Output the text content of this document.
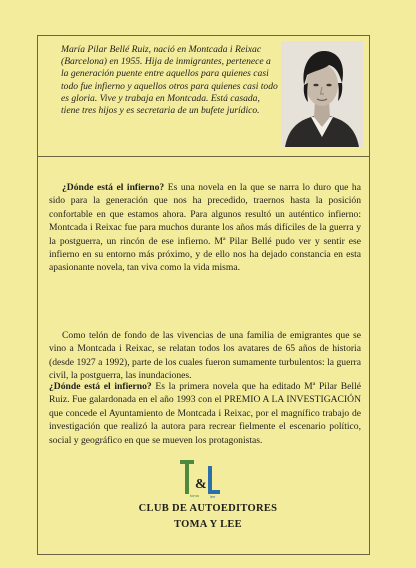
María Pilar Bellé Ruiz, nació en Montcada i Reixac (Barcelona) en 1955. Hija de inmigrantes, pertenece a la generación puente entre aquellos para quienes casi todo fue infierno y aquellos otros para quienes casi todo es gloria. Vive y trabaja en Montcada. Está casada, tiene tres hijos y es secretaria de un bufete jurídico.

¿Dónde está el infierno? Es una novela en la que se narra lo duro que ha sido para la generación que nos ha precedido, traernos hasta la posición confortable en que estamos ahora. Para algunos resultó un auténtico infierno: Montcada i Reixac fue para muchos durante los años más difíciles de la guerra y la postguerra, un rincón de ese infierno. Mª Pilar Bellé pudo ver y sentir ese infierno en su entorno más próximo, y de ello nos ha dejado constancia en esta apasionante novela, tan viva como la vida misma.

Como telón de fondo de las vivencias de una familia de emigrantes que se vino a Montcada i Reixac, se relatan todos los avatares de 65 años de historia (desde 1927 a 1992), parte de los cuales fueron sumamente turbulentos: la guerra civil, la postguerra, las inundaciones.

¿Dónde está el infierno? Es la primera novela que ha editado Mª Pilar Bellé Ruiz. Fue galardonada en el año 1993 con el PREMIO A LA INVESTIGACIÓN que concede el Ayuntamiento de Montcada i Reixac, por el magnífico trabajo de investigación que realizó la autora para recrear fielmente el escenario político, social y geográfico en que se mueven los protagonistas.

&
toma	lee
CLUB DE AUTOEDITORES
TOMA Y LEE
